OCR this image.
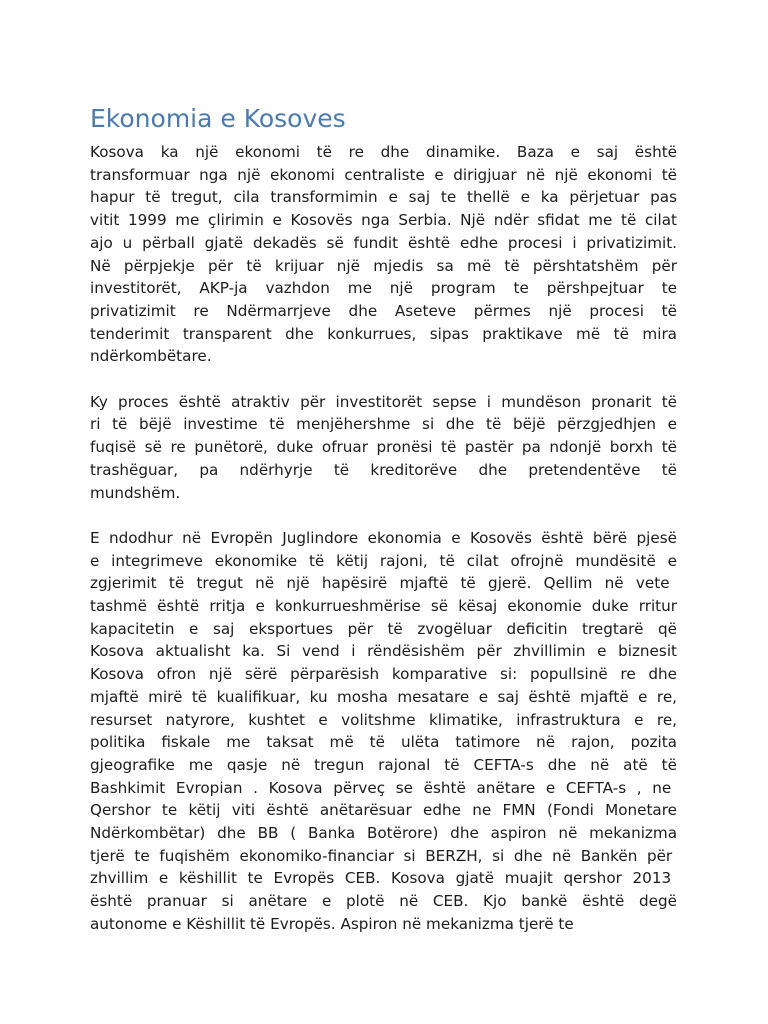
Ekonomia e Kosoves
Kosova ka një ekonomi të re dhe dinamike. Baza e saj është
transformuar nga një ekonomi centraliste e dirigjuar në një ekonomi të
hapur të tregut, cila transformimin e saj te thellë e ka përjetuar pas
vitit 1999 me çlirimin e Kosovës nga Serbia. Një ndër sfidat me të cilat
ajo u përball gjatë dekadës së fundit është edhe procesi i privatizimit.
Në përpjekje për të krijuar një mjedis sa më të përshtatshëm për
investitorët, AKP-ja vazhdon me një program te përshpejtuar te
privatizimit re Ndërmarrjeve dhe Aseteve përmes një procesi të
tenderimit transparent dhe konkurrues, sipas praktikave më të mira
ndërkombëtare.
Ky proces është atraktiv për investitorët sepse i mundëson pronarit të
ri të bëjë investime të menjëhershme si dhe të bëjë përzgjedhjen e
fuqisë së re punëtorë, duke ofruar pronësi të pastër pa ndonjë borxh të
trashëguar, pa ndërhyrje të kreditorëve dhe pretendentëve të
mundshëm.
E ndodhur në Evropën Juglindore ekonomia e Kosovës është bërë pjesë
e integrimeve ekonomike të këtij rajoni, të cilat ofrojnë mundësitë e
zgjerimit të tregut në një hapësirë mjaftë të gjerë. Qellim në vete
tashmë është rritja e konkurrueshmërise së kësaj ekonomie duke rritur
kapacitetin e saj eksportues për të zvogëluar deficitin tregtarë që
Kosova aktualisht ka. Si vend i rëndësishëm për zhvillimin e biznesit
Kosova ofron një sërë përparësish komparative si: popullsinë re dhe
mjaftë mirë të kualifikuar, ku mosha mesatare e saj është mjaftë e re,
resurset natyrore, kushtet e volitshme klimatike, infrastruktura e re,
politika fiskale me taksat më të ulëta tatimore në rajon, pozita
gjeografike me qasje në tregun rajonal të CEFTA-s dhe në atë të
Bashkimit Evropian . Kosova përveç se është anëtare e CEFTA-s , ne
Qershor te këtij viti është anëtarësuar edhe ne FMN (Fondi Monetare
Ndërkombëtar) dhe BB ( Banka Botërore) dhe aspiron në mekanizma
tjerë te fuqishëm ekonomiko-financiar si BERZH, si dhe në Bankën për
zhvillim e këshillit te Evropës CEB. Kosova gjatë muajit qershor 2013
është pranuar si anëtare e plotë në CEB. Kjo bankë është degë
autonome e Këshillit të Evropës. Aspiron në mekanizma tjerë te
